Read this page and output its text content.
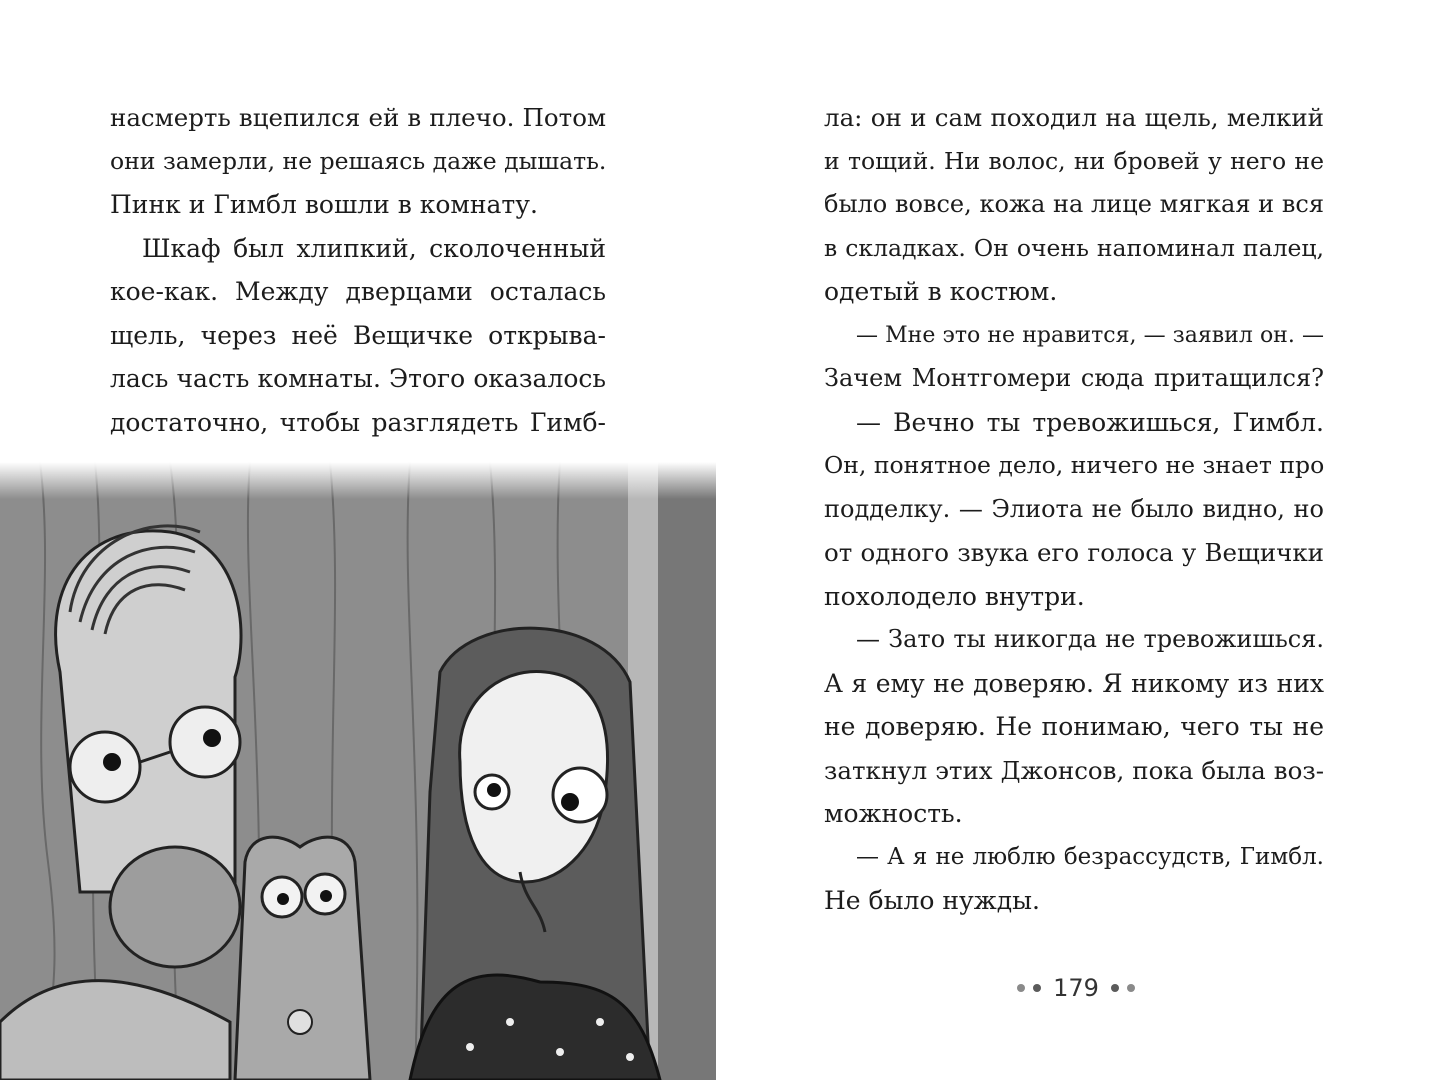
насмерть вцепился ей в плечо. Потом
они замерли, не решаясь даже дышать.
Пинк и Гимбл вошли в комнату.
Шкаф был хлипкий, сколоченный
кое-как. Между дверцами осталась
щель, через неё Вещичке открыва-
лась часть комнаты. Этого оказалось
достаточно, чтобы разглядеть Гимб-
ла: он и сам походил на щель, мелкий
и тощий. Ни волос, ни бровей у него не
было вовсе, кожа на лице мягкая и вся
в складках. Он очень напоминал палец,
одетый в костюм.
— Мне это не нравится, — заявил он. —
Зачем Монтгомери сюда притащился?
— Вечно ты тревожишься, Гимбл.
Он, понятное дело, ничего не знает про
подделку. — Элиота не было видно, но
от одного звука его голоса у Вещички
похолодело внутри.
— Зато ты никогда не тревожишься.
А я ему не доверяю. Я никому из них
не доверяю. Не понимаю, чего ты не
заткнул этих Джонсов, пока была воз-
можность.
— А я не люблю безрассудств, Гимбл.
Не было нужды.
179
